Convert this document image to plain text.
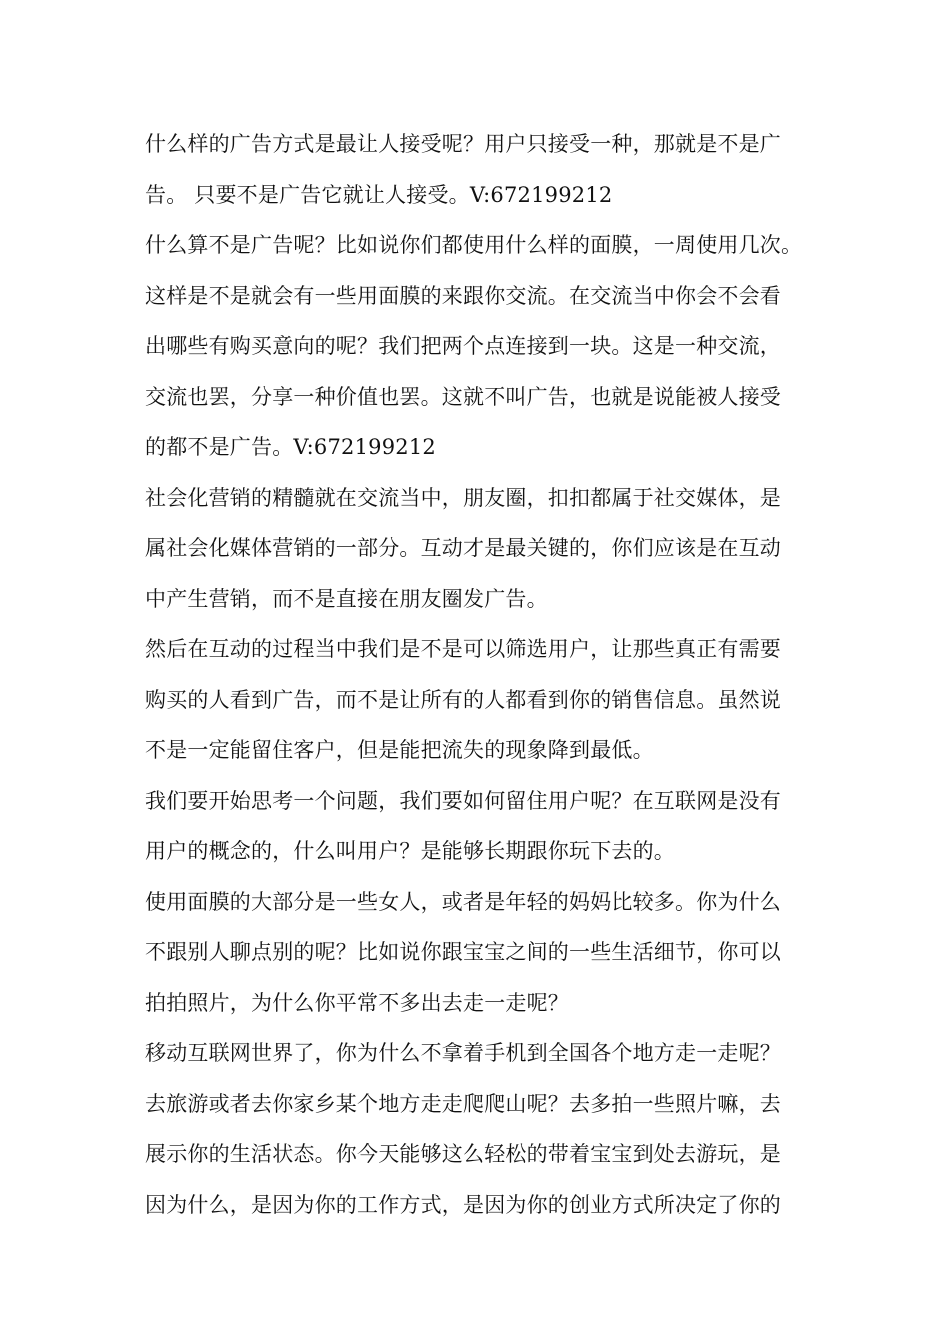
什么样的广告方式是最让人接受呢？用户只接受一种，那就是不是广
告。 只要不是广告它就让人接受。V:672199212
什么算不是广告呢？比如说你们都使用什么样的面膜，一周使用几次。
这样是不是就会有一些用面膜的来跟你交流。在交流当中你会不会看
出哪些有购买意向的呢？我们把两个点连接到一块。这是一种交流，
交流也罢，分享一种价值也罢。这就不叫广告，也就是说能被人接受
的都不是广告。V:672199212
社会化营销的精髓就在交流当中，朋友圈，扣扣都属于社交媒体，是
属社会化媒体营销的一部分。互动才是最关键的，你们应该是在互动
中产生营销，而不是直接在朋友圈发广告。
然后在互动的过程当中我们是不是可以筛选用户，让那些真正有需要
购买的人看到广告，而不是让所有的人都看到你的销售信息。虽然说
不是一定能留住客户，但是能把流失的现象降到最低。
我们要开始思考一个问题，我们要如何留住用户呢？在互联网是没有
用户的概念的，什么叫用户？是能够长期跟你玩下去的。
使用面膜的大部分是一些女人，或者是年轻的妈妈比较多。你为什么
不跟别人聊点别的呢？比如说你跟宝宝之间的一些生活细节，你可以
拍拍照片，为什么你平常不多出去走一走呢？
移动互联网世界了，你为什么不拿着手机到全国各个地方走一走呢？
去旅游或者去你家乡某个地方走走爬爬山呢？去多拍一些照片嘛，去
展示你的生活状态。你今天能够这么轻松的带着宝宝到处去游玩，是
因为什么，是因为你的工作方式，是因为你的创业方式所决定了你的
